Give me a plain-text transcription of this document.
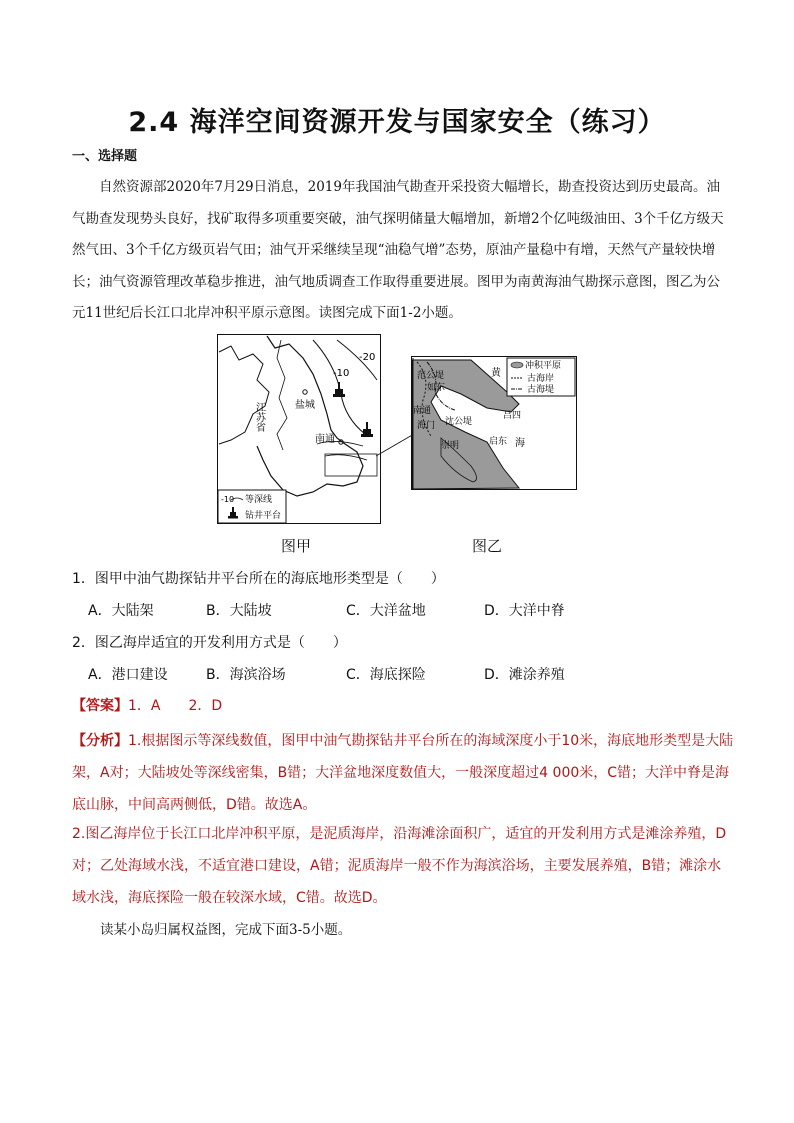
2.4 海洋空间资源开发与国家安全（练习）
一、选择题
自然资源部2020年7月29日消息，2019年我国油气勘查开采投资大幅增长，勘查投资达到历史最高。油气勘查发现势头良好，找矿取得多项重要突破，油气探明储量大幅增加，新增2个亿吨级油田、3个千亿方级天然气田、3个千亿方级页岩气田；油气开采继续呈现“油稳气增”态势，原油产量稳中有增，天然气产量较快增长；油气资源管理改革稳步推进，油气地质调查工作取得重要进展。图甲为南黄海油气勘探示意图，图乙为公元11世纪后长江口北岸冲积平原示意图。读图完成下面1-2小题。
江苏省	盐城
南通
-10
-20
-10 等深线
钻井平台
冲积平原
古海岸
古海堤
范公堤
如东
南通
海门 沈公堤
吕四
启东
崇明
黄
海
图甲	图乙
1．图甲中油气勘探钻井平台所在的海底地形类型是（　　）
A．大陆架	B．大陆坡	C．大洋盆地	D．大洋中脊
2．图乙海岸适宜的开发利用方式是（　　）
A．港口建设	B．海滨浴场	C．海底探险	D．滩涂养殖
【答案】1．A　　2．D
【分析】1.根据图示等深线数值，图甲中油气勘探钻井平台所在的海域深度小于10米，海底地形类型是大陆架，A对；大陆坡处等深线密集，B错；大洋盆地深度数值大，一般深度超过4 000米，C错；大洋中脊是海底山脉，中间高两侧低，D错。故选A。
2.图乙海岸位于长江口北岸冲积平原，是泥质海岸，沿海滩涂面积广，适宜的开发利用方式是滩涂养殖，D对；乙处海域水浅，不适宜港口建设，A错；泥质海岸一般不作为海滨浴场，主要发展养殖，B错；滩涂水域水浅，海底探险一般在较深水域，C错。故选D。
读某小岛归属权益图，完成下面3-5小题。
